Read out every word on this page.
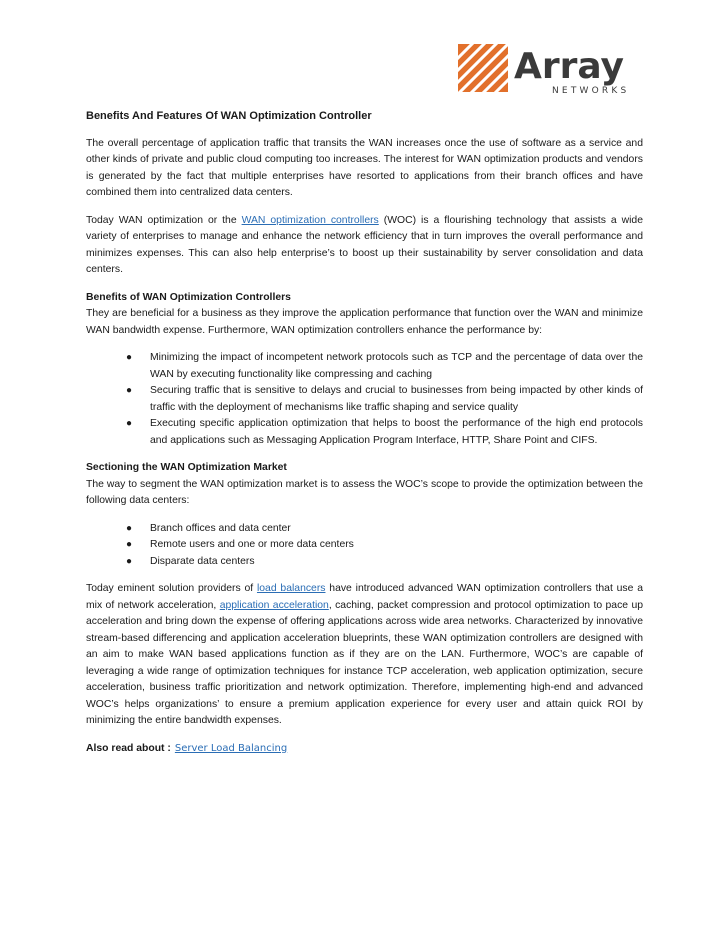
Array
NETWORKS

Benefits And Features Of WAN Optimization Controller

The overall percentage of application traffic that transits the WAN increases once the use of software as a service and other kinds of private and public cloud computing too increases. The interest for WAN optimization products and vendors is generated by the fact that multiple enterprises have resorted to applications from their branch offices and have combined them into centralized data centers.

Today WAN optimization or the WAN optimization controllers (WOC) is a flourishing technology that assists a wide variety of enterprises to manage and enhance the network efficiency that in turn improves the overall performance and minimizes expenses. This can also help enterprise’s to boost up their sustainability by server consolidation and data centers.

Benefits of WAN Optimization Controllers

They are beneficial for a business as they improve the application performance that function over the WAN and minimize WAN bandwidth expense. Furthermore, WAN optimization controllers enhance the performance by:

● Minimizing the impact of incompetent network protocols such as TCP and the percentage of data over the WAN by executing functionality like compressing and caching
● Securing traffic that is sensitive to delays and crucial to businesses from being impacted by other kinds of traffic with the deployment of mechanisms like traffic shaping and service quality
● Executing specific application optimization that helps to boost the performance of the high end protocols and applications such as Messaging Application Program Interface, HTTP, Share Point and CIFS.

Sectioning the WAN Optimization Market

The way to segment the WAN optimization market is to assess the WOC’s scope to provide the optimization between the following data centers:

● Branch offices and data center
● Remote users and one or more data centers
● Disparate data centers

Today eminent solution providers of load balancers have introduced advanced WAN optimization controllers that use a mix of network acceleration, application acceleration, caching, packet compression and protocol optimization to pace up acceleration and bring down the expense of offering applications across wide area networks. Characterized by innovative stream-based differencing and application acceleration blueprints, these WAN optimization controllers are designed with an aim to make WAN based applications function as if they are on the LAN. Furthermore, WOC’s are capable of leveraging a wide range of optimization techniques for instance TCP acceleration, web application optimization, secure acceleration, business traffic prioritization and network optimization. Therefore, implementing high-end and advanced WOC’s helps organizations’ to ensure a premium application experience for every user and attain quick ROI by minimizing the entire bandwidth expenses.

Also read about : Server Load Balancing
